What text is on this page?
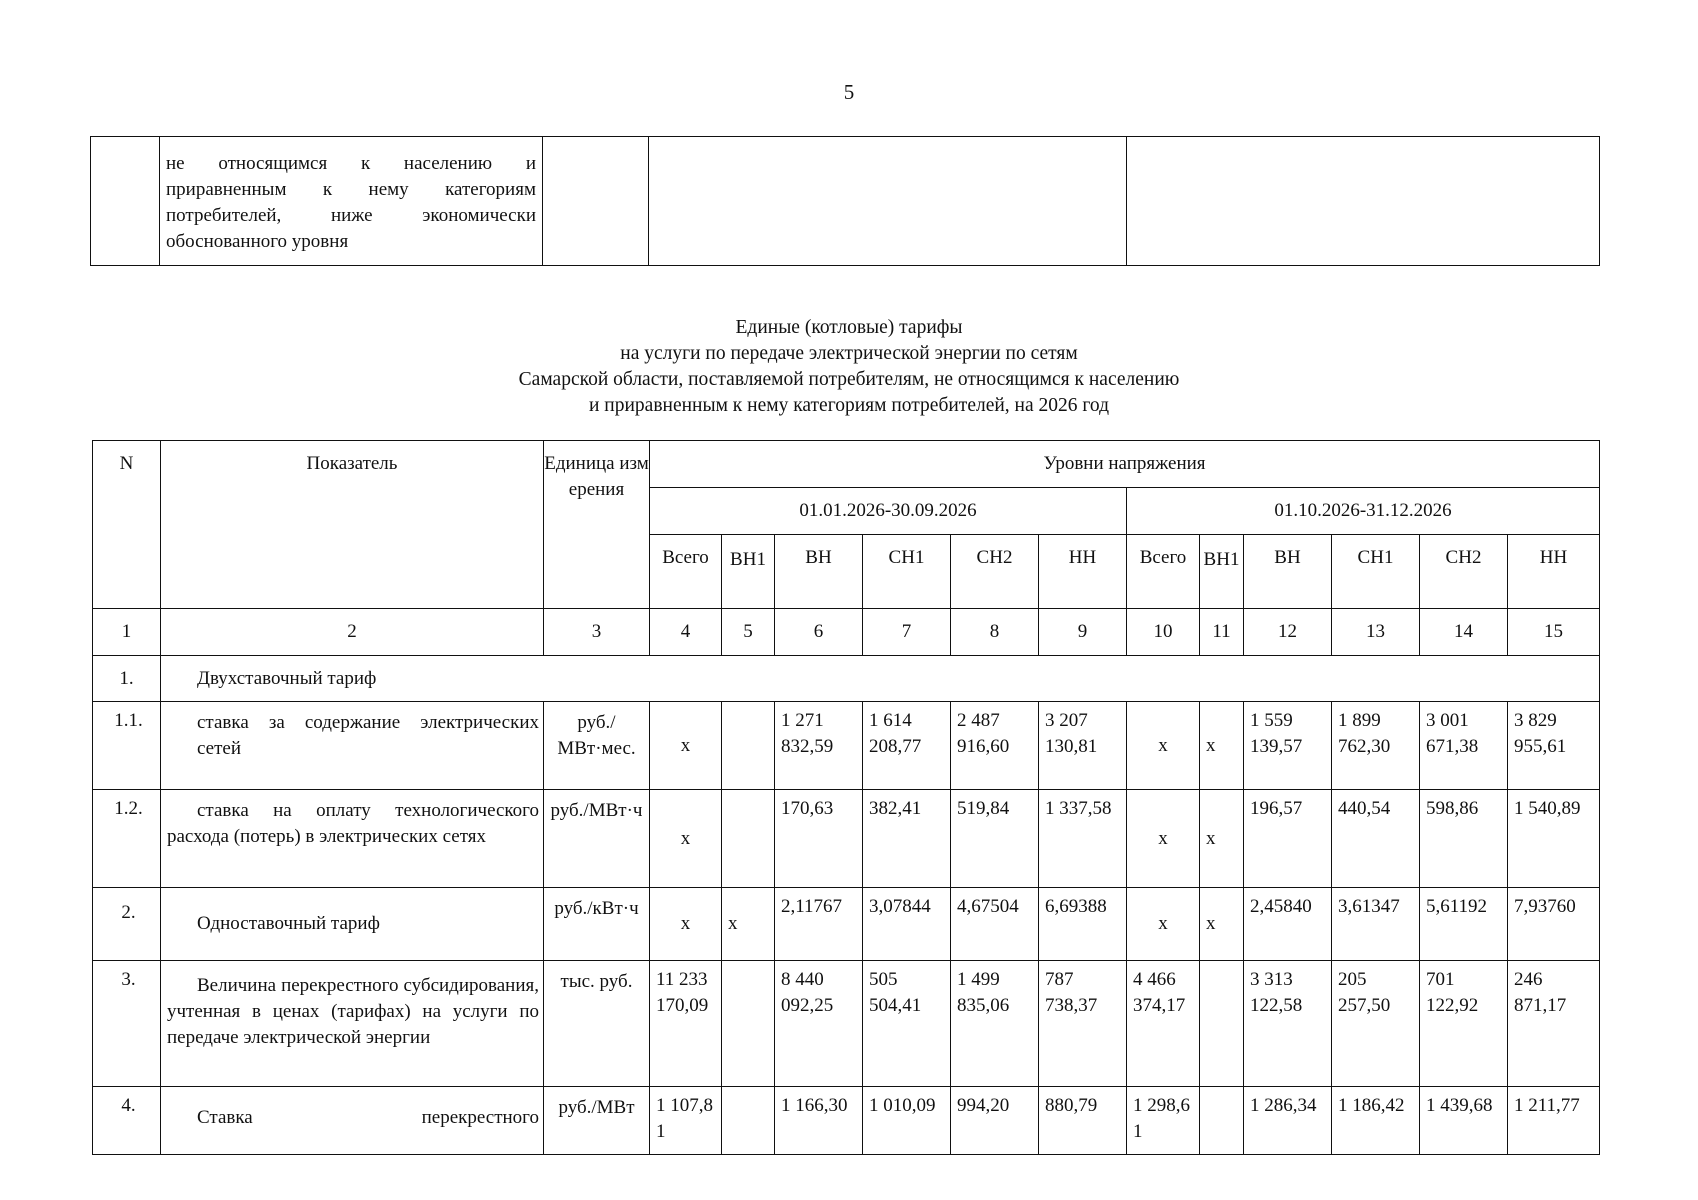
5
	не относящимся к населению и приравненным к нему категориям потребителей, ниже экономически обоснованного уровня			
Единые (котловые) тарифы
на услуги по передаче электрической энергии по сетям
Самарской области, поставляемой потребителям, не относящимся к населению
и приравненным к нему категориям потребителей, на 2026 год
N	Показатель	Единица измерения	Уровни напряжения											
			01.01.2026-30.09.2026						01.10.2026-31.12.2026					
			Всего	ВН1	ВН	СН1	СН2	НН	Всего	ВН1	ВН	СН1	СН2	НН
1	2	3	4	5	6	7	8	9	10	11	12	13	14	15
1.	Двухставочный тариф													
1.1.	ставка за содержание электрических сетей	руб./МВт·мес.	х		1 271 832,59	1 614 208,77	2 487 916,60	3 207 130,81	х	х	1 559 139,57	1 899 762,30	3 001 671,38	3 829 955,61
1.2.	ставка на оплату технологического расхода (потерь) в электрических сетях	руб./МВт·ч	х		170,63	382,41	519,84	1 337,58	х	х	196,57	440,54	598,86	1 540,89
2.	Одноставочный тариф	руб./кВт·ч	х	х	2,11767	3,07844	4,67504	6,69388	х	х	2,45840	3,61347	5,61192	7,93760
3.	Величина перекрестного субсидирования, учтенная в ценах (тарифах) на услуги по передаче электрической энергии	тыс. руб.	11 233 170,09		8 440 092,25	505 504,41	1 499 835,06	787 738,37	4 466 374,17		3 313 122,58	205 257,50	701 122,92	246 871,17
4.	Ставка перекрестного	руб./МВт	1 107,81		1 166,30	1 010,09	994,20	880,79	1 298,61		1 286,34	1 186,42	1 439,68	1 211,77
